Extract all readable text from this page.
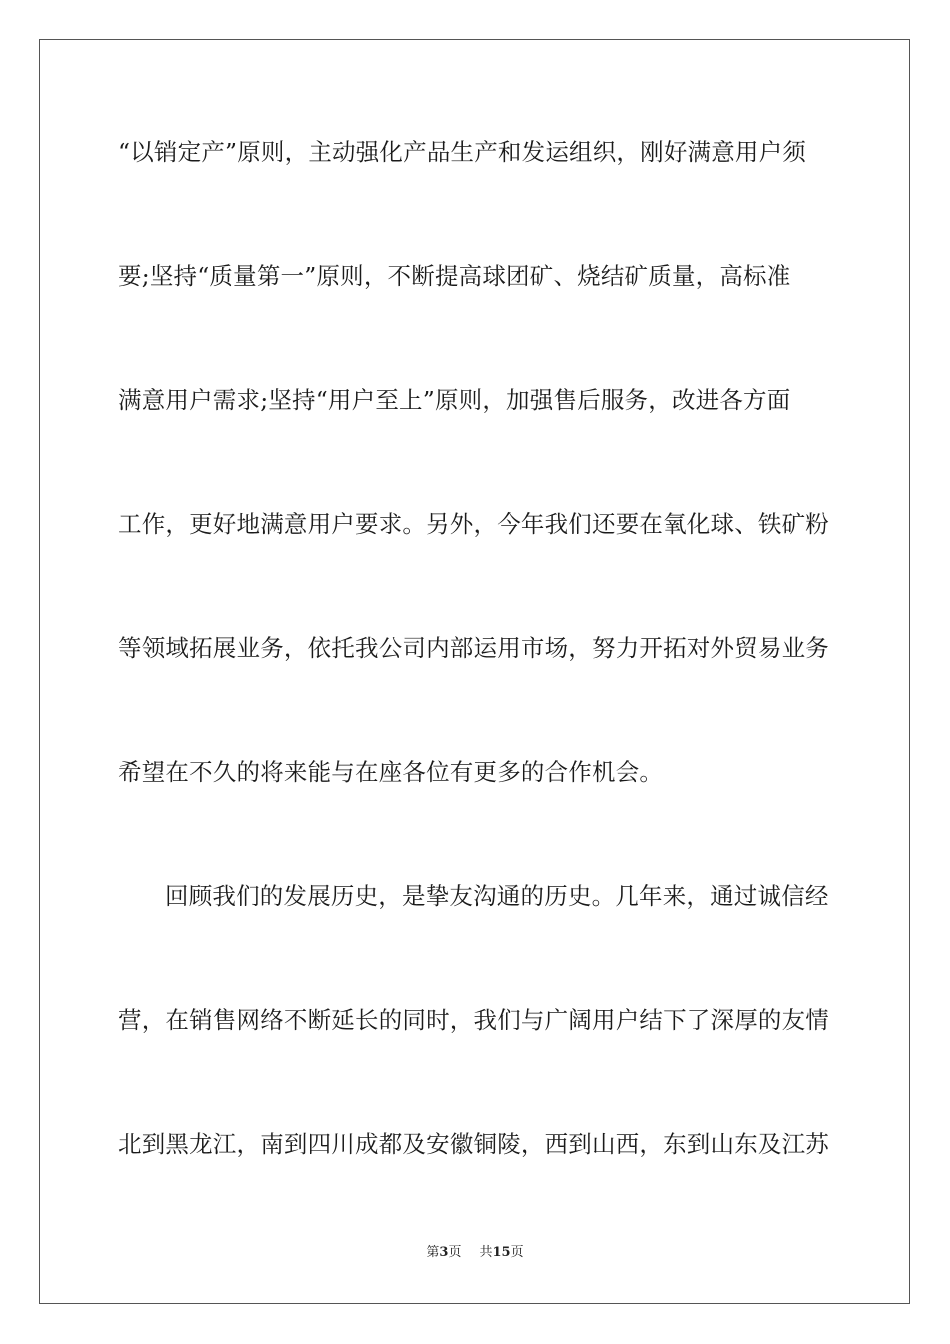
“以销定产”原则，主动强化产品生产和发运组织，刚好满意用户须
要;坚持“质量第一”原则，不断提高球团矿、烧结矿质量，高标准
满意用户需求;坚持“用户至上”原则，加强售后服务，改进各方面
工作，更好地满意用户要求。另外，今年我们还要在氧化球、铁矿粉
等领域拓展业务，依托我公司内部运用市场，努力开拓对外贸易业务
希望在不久的将来能与在座各位有更多的合作机会。
回顾我们的发展历史，是挚友沟通的历史。几年来，通过诚信经
营，在销售网络不断延长的同时，我们与广阔用户结下了深厚的友情
北到黑龙江，南到四川成都及安徽铜陵，西到山西，东到山东及江苏
第3页 共15页
